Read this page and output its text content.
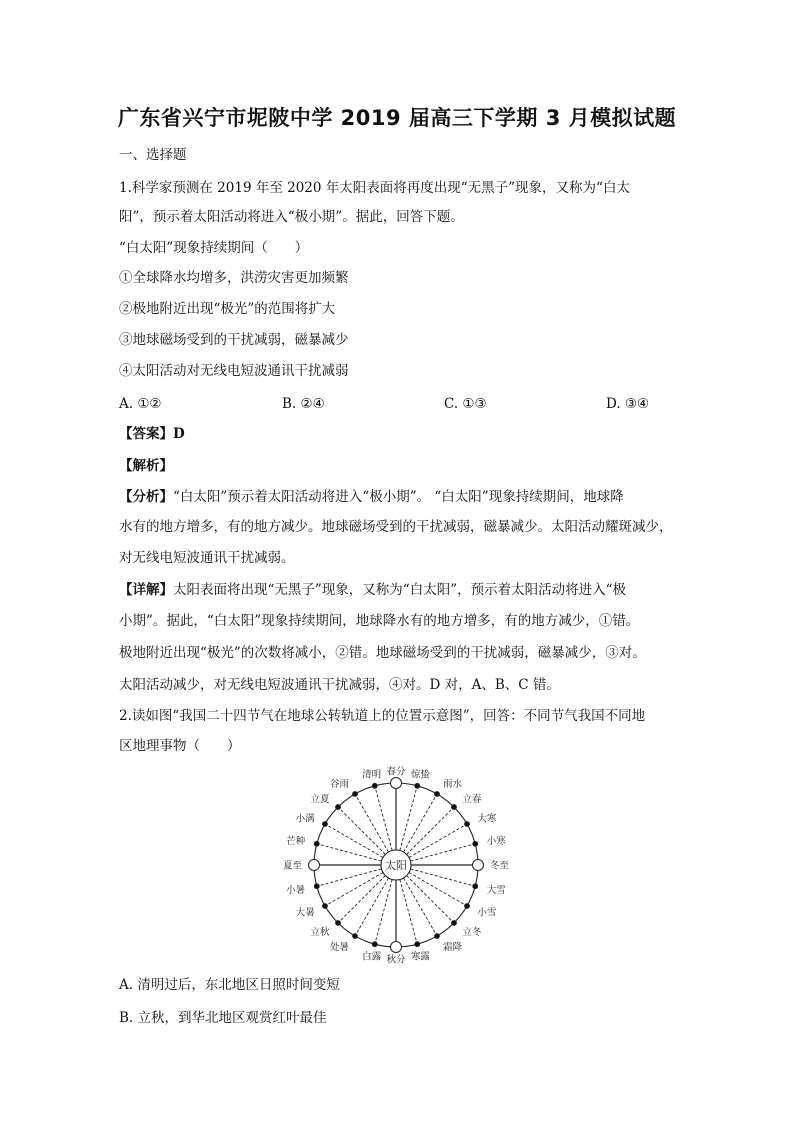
广东省兴宁市坭陂中学 2019 届高三下学期 3 月模拟试题
一、选择题
1.科学家预测在 2019 年至 2020 年太阳表面将再度出现“无黑子”现象，又称为“白太
阳”，预示着太阳活动将进入“极小期”。据此，回答下题。
“白太阳”现象持续期间（　　）
①全球降水均增多，洪涝灾害更加频繁
②极地附近出现“极光”的范围将扩大
③地球磁场受到的干扰减弱，磁暴减少
④太阳活动对无线电短波通讯干扰减弱
A. ①②	B. ②④	C. ①③	D. ③④
【答案】D
【解析】
【分析】“白太阳”预示着太阳活动将进入“极小期”。 “白太阳”现象持续期间，地球降
水有的地方增多，有的地方减少。地球磁场受到的干扰减弱，磁暴减少。太阳活动耀斑减少，
对无线电短波通讯干扰减弱。
【详解】太阳表面将出现“无黑子”现象，又称为“白太阳”，预示着太阳活动将进入“极
小期”。据此，“白太阳”现象持续期间，地球降水有的地方增多，有的地方减少，①错。
极地附近出现“极光”的次数将减小，②错。地球磁场受到的干扰减弱，磁暴减少，③对。
太阳活动减少，对无线电短波通讯干扰减弱，④对。D 对，A、B、C 错。
2.读如图“我国二十四节气在地球公转轨道上的位置示意图”，回答：不同节气我国不同地
区地理事物（　　）
太阳
春分 惊蛰
雨水
立春
大寒
小寒
冬至
大雪
小雪
立冬
霜降
寒露
秋分
白露
处暑
立秋
大暑
小暑
夏至
芒种
小满
立夏
谷雨
清明
A. 清明过后，东北地区日照时间变短
B. 立秋，到华北地区观赏红叶最佳
